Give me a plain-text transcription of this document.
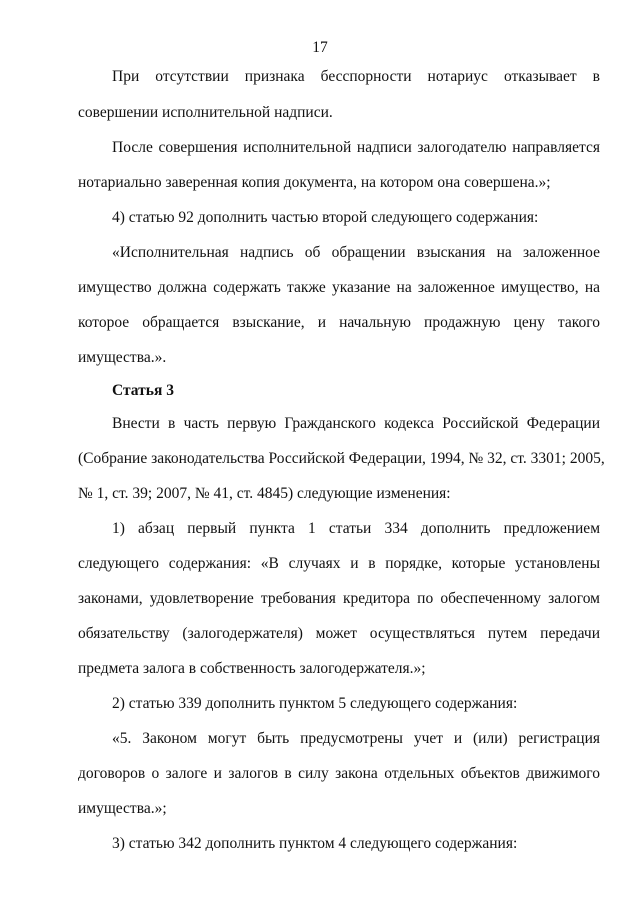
17
При отсутствии признака бесспорности нотариус отказывает в
совершении исполнительной надписи.
После совершения исполнительной надписи залогодателю направляется
нотариально заверенная копия документа, на котором она совершена.»;
4) статью 92 дополнить частью второй следующего содержания:
«Исполнительная надпись об обращении взыскания на заложенное
имущество должна содержать также указание на заложенное имущество, на
которое обращается взыскание, и начальную продажную цену такого
имущества.».
Статья 3
Внести в часть первую Гражданского кодекса Российской Федерации
(Собрание законодательства Российской Федерации, 1994, № 32, ст. 3301; 2005,
№ 1, ст. 39; 2007, № 41, ст. 4845) следующие изменения:
1) абзац первый пункта 1 статьи 334 дополнить предложением
следующего содержания: «В случаях и в порядке, которые установлены
законами, удовлетворение требования кредитора по обеспеченному залогом
обязательству (залогодержателя) может осуществляться путем передачи
предмета залога в собственность залогодержателя.»;
2) статью 339 дополнить пунктом 5 следующего содержания:
«5. Законом могут быть предусмотрены учет и (или) регистрация
договоров о залоге и залогов в силу закона отдельных объектов движимого
имущества.»;
3) статью 342 дополнить пунктом 4 следующего содержания:
